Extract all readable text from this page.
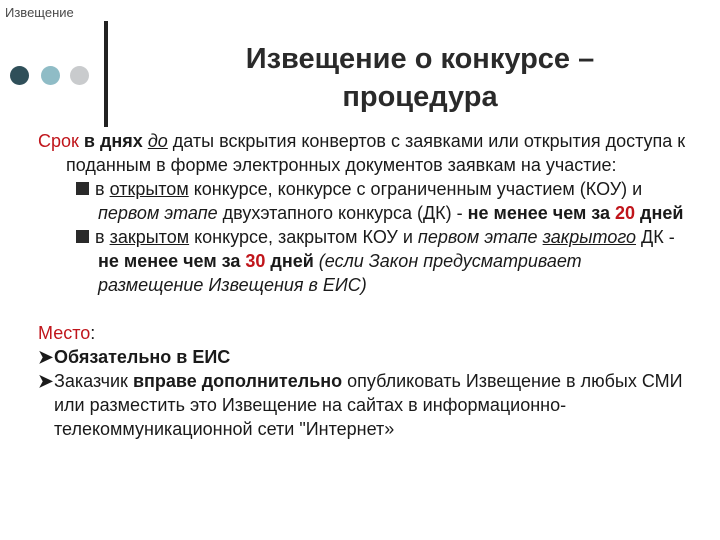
Извещение
Извещение о конкурсе –
процедура

Срок в днях до даты вскрытия конвертов с заявками или открытия доступа к поданным в форме электронных документов заявкам на участие:

в открытом конкурсе, конкурсе с ограниченным участием (КОУ) и первом этапе двухэтапного конкурса (ДК) - не менее чем за 20 дней

в закрытом конкурсе, закрытом КОУ и первом этапе закрытого ДК - не менее чем за 30 дней (если Закон предусматривает размещение Извещения в ЕИС)

Место:

➤Обязательно в ЕИС

➤Заказчик вправе дополнительно опубликовать Извещение в любых СМИ или разместить это Извещение на сайтах в информационно-телекоммуникационной сети "Интернет»
